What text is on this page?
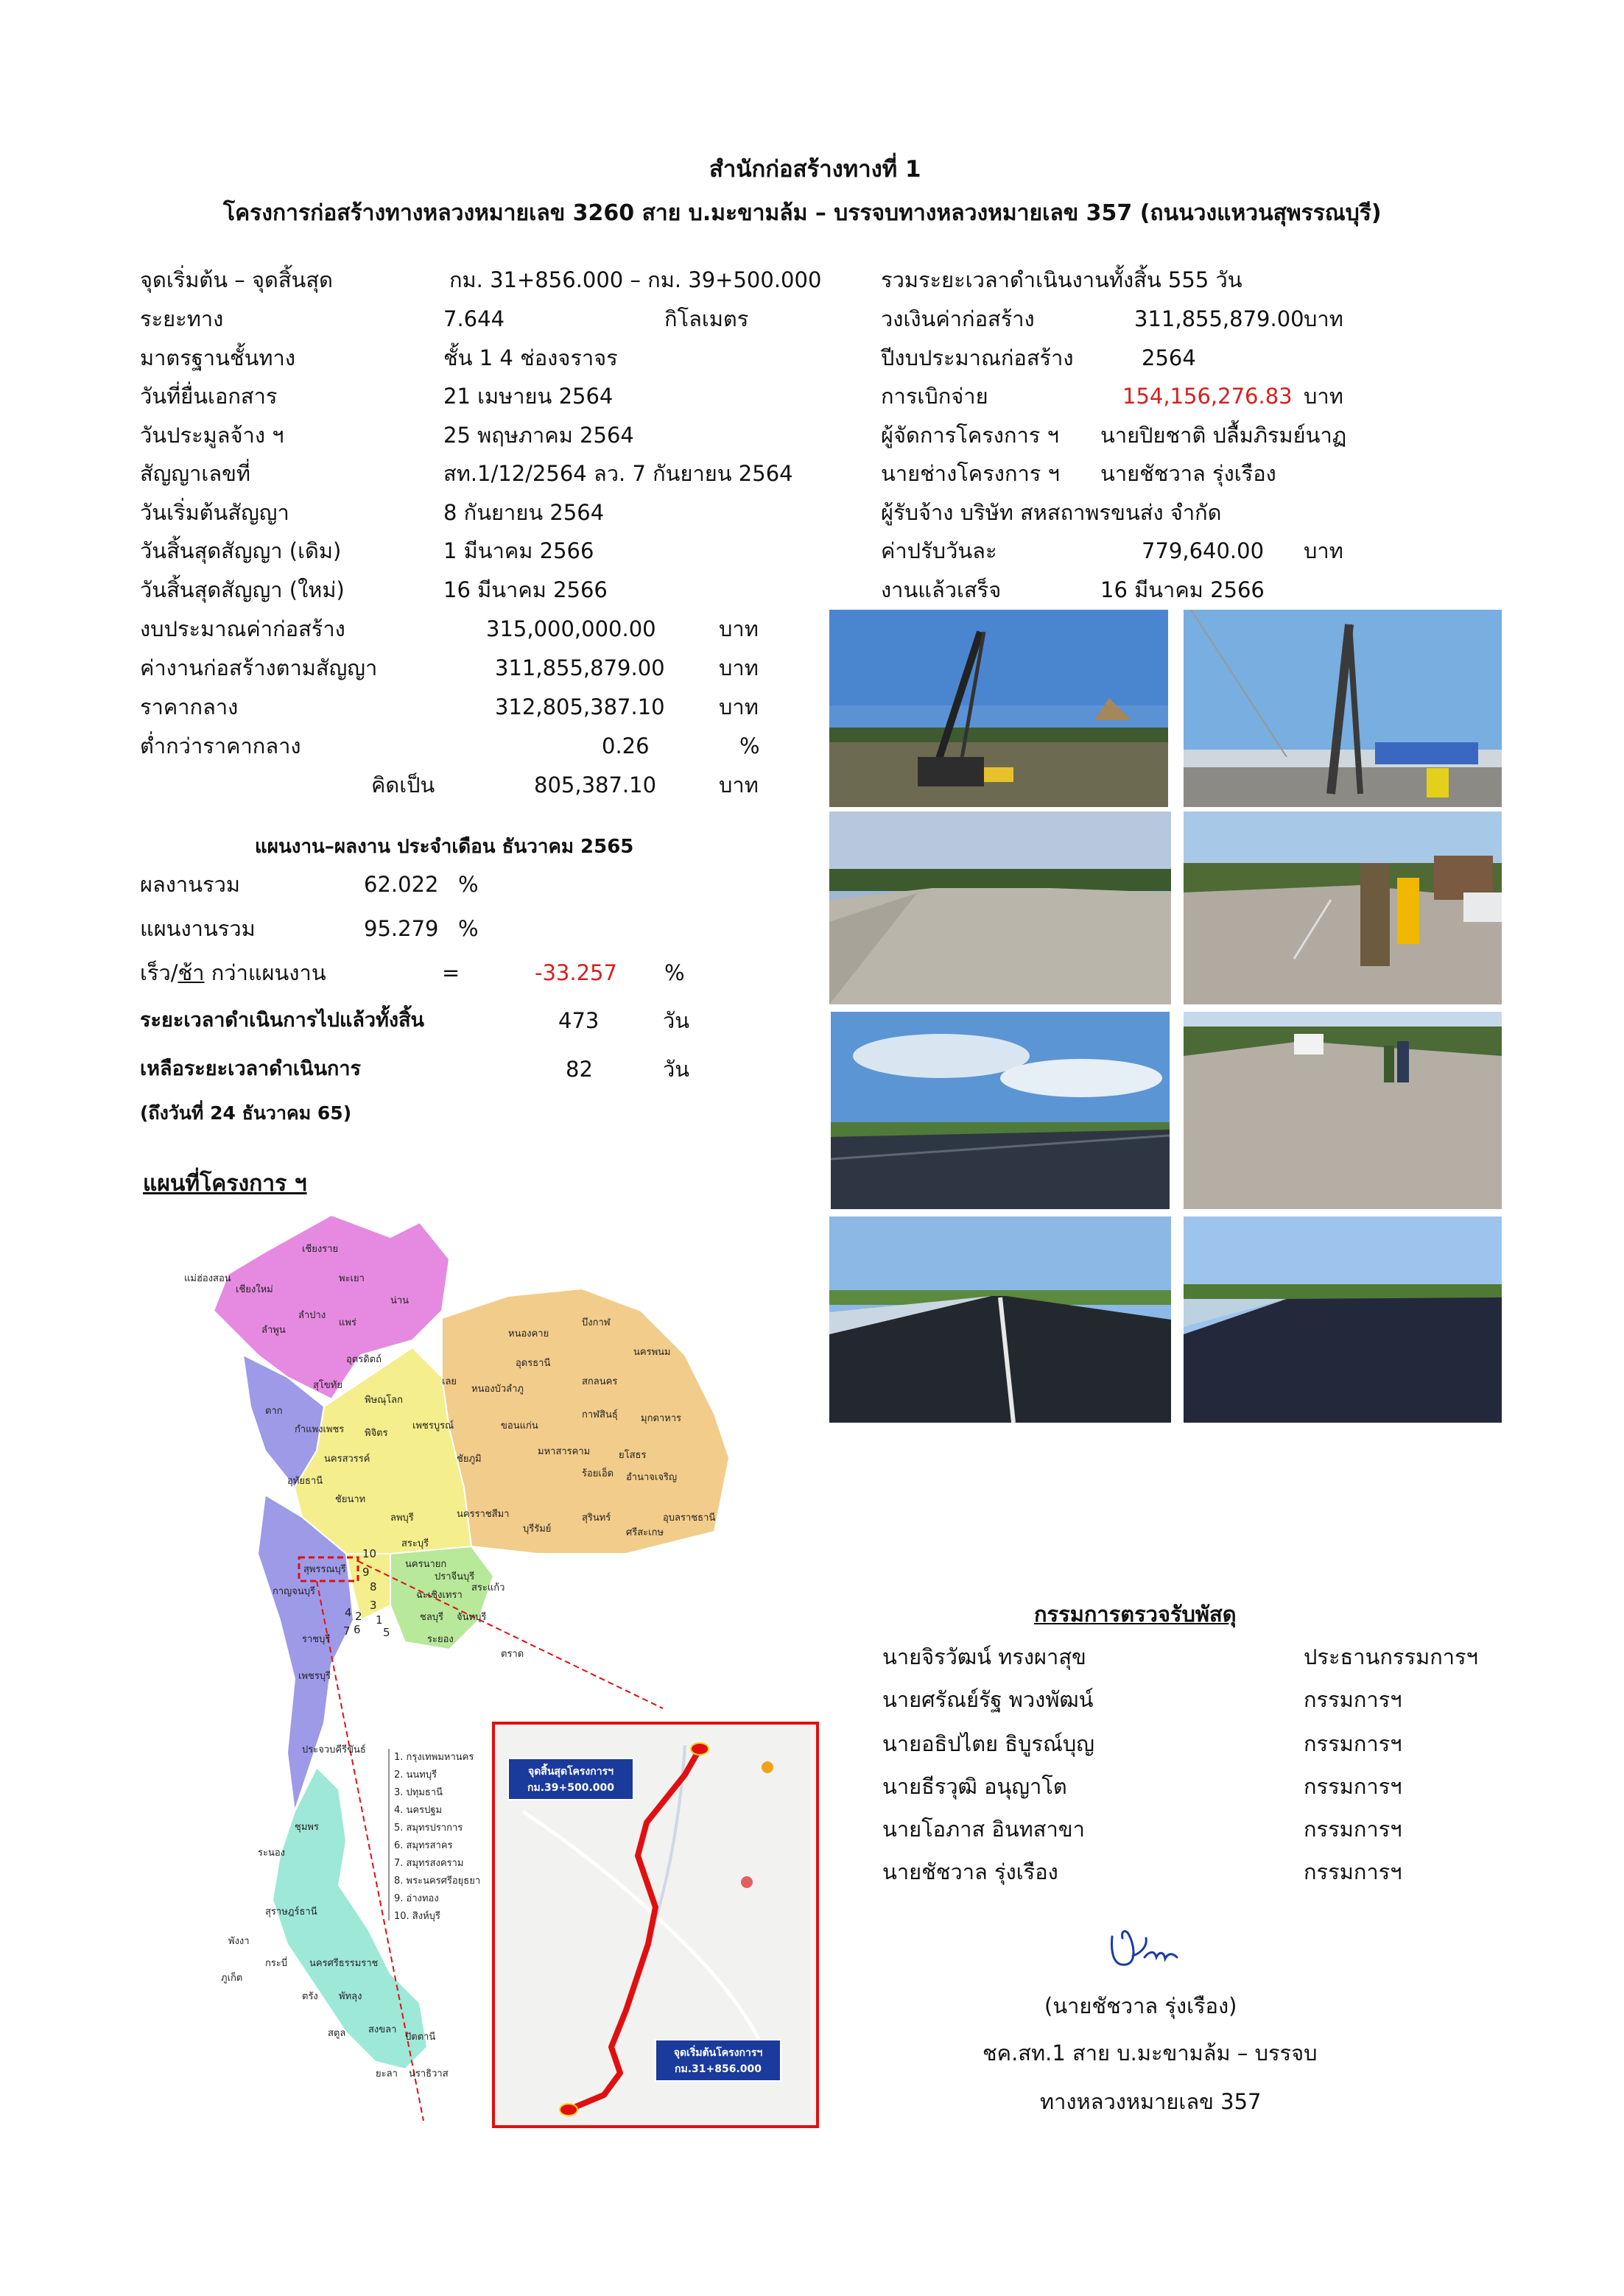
สำนักก่อสร้างทางที่ 1
โครงการก่อสร้างทางหลวงหมายเลข 3260 สาย บ.มะขามล้ม – บรรจบทางหลวงหมายเลข 357 (ถนนวงแหวนสุพรรณบุรี)
จุดเริ่มต้น – จุดสิ้นสุด	กม. 31+856.000 – กม. 39+500.000
ระยะทาง	7.644	กิโลเมตร
มาตรฐานชั้นทาง	ชั้น 1 4 ช่องจราจร
วันที่ยื่นเอกสาร	21 เมษายน 2564
วันประมูลจ้าง ฯ	25 พฤษภาคม 2564
สัญญาเลขที่	สท.1/12/2564 ลว. 7 กันยายน 2564
วันเริ่มต้นสัญญา	8 กันยายน 2564
วันสิ้นสุดสัญญา (เดิม)	1 มีนาคม 2566
วันสิ้นสุดสัญญา (ใหม่)	16 มีนาคม 2566
งบประมาณค่าก่อสร้าง	315,000,000.00	บาท
ค่างานก่อสร้างตามสัญญา	311,855,879.00	บาท
ราคากลาง	312,805,387.10	บาท
ต่ำกว่าราคากลาง	0.26	%
คิดเป็น	805,387.10	บาท
รวมระยะเวลาดำเนินงานทั้งสิ้น 555 วัน
วงเงินค่าก่อสร้าง	311,855,879.00 บาท
ปีงบประมาณก่อสร้าง	2564
การเบิกจ่าย	154,156,276.83 บาท
ผู้จัดการโครงการ ฯ นายปิยชาติ ปลื้มภิรมย์นาฏ
นายช่างโครงการ ฯ นายชัชวาล รุ่งเรือง
ผู้รับจ้าง บริษัท สหสถาพรขนส่ง จำกัด
ค่าปรับวันละ	779,640.00 บาท
งานแล้วเสร็จ	16 มีนาคม 2566
แผนงาน–ผลงาน ประจำเดือน ธันวาคม 2565
ผลงานรวม	62.022 %
แผนงานรวม	95.279 %
เร็ว/ช้า กว่าแผนงาน	=	-33.257 %
ระยะเวลาดำเนินการไปแล้วทั้งสิ้น	473	วัน
เหลือระยะเวลาดำเนินการ	82	วัน
(ถึงวันที่ 24 ธันวาคม 65)
แผนที่โครงการ ฯ
เชียงราย
แม่ฮ่องสอน
เชียงใหม่
พะเยา
น่าน
ลำปาง
แพร่
ลำพูน
อุตรดิตถ์
หนองคาย
บึงกาฬ
อุดรธานี
นครพนม
สกลนคร
หนองบัวลำภู
เลย
กาฬสินธุ์ มุกดาหาร
ขอนแก่น
มหาสารคาม	ยโสธร
ชัยภูมิ
ร้อยเอ็ด อำนาจเจริญ
นครราชสีมา
บุรีรัมย์
สุรินทร์
ศรีสะเกษ
อุบลราชธานี
สุโขทัย
พิษณุโลก
เพชรบูรณ์
กำแพงเพชร พิจิตร
นครสวรรค์
อุทัยธานี
ชัยนาท
ลพบุรี
สระบุรี
สุพรรณบุรี	นครนายก
ปราจีนบุรี
สระแก้ว
ฉะเชิงเทรา
ชลบุรี จันทบุรี
ระยอง
ตราด
ตาก
กาญจนบุรี
ราชบุรี
เพชรบุรี
ประจวบคีรีขันธ์
ชุมพร
ระนอง
สุราษฎร์ธานี
พังงา
กระบี่ นครศรีธรรมราช
ภูเก็ต
ตรัง พัทลุง
สตูล สงขลา
ปัตตานี
ยะลา นราธิวาส
10
9
8
3
2 1
4
6
7	5
1. กรุงเทพมหานคร
2. นนทบุรี
3. ปทุมธานี
4. นครปฐม
5. สมุทรปราการ
6. สมุทรสาคร
7. สมุทรสงคราม
8. พระนครศรีอยุธยา
9. อ่างทอง
10. สิงห์บุรี
จุดสิ้นสุดโครงการฯ
กม.39+500.000
จุดเริ่มต้นโครงการฯ
กม.31+856.000
กรรมการตรวจรับพัสดุ
นายจิรวัฒน์ ทรงผาสุข	ประธานกรรมการฯ
นายศรัณย์รัฐ พวงพัฒน์	กรรมการฯ
นายอธิปไตย ธิบูรณ์บุญ	กรรมการฯ
นายธีรวุฒิ อนุญาโต	กรรมการฯ
นายโอภาส อินทสาขา	กรรมการฯ
นายชัชวาล รุ่งเรือง	กรรมการฯ
(นายชัชวาล รุ่งเรือง)
ชค.สท.1 สาย บ.มะขามล้ม – บรรจบ
ทางหลวงหมายเลข 357
